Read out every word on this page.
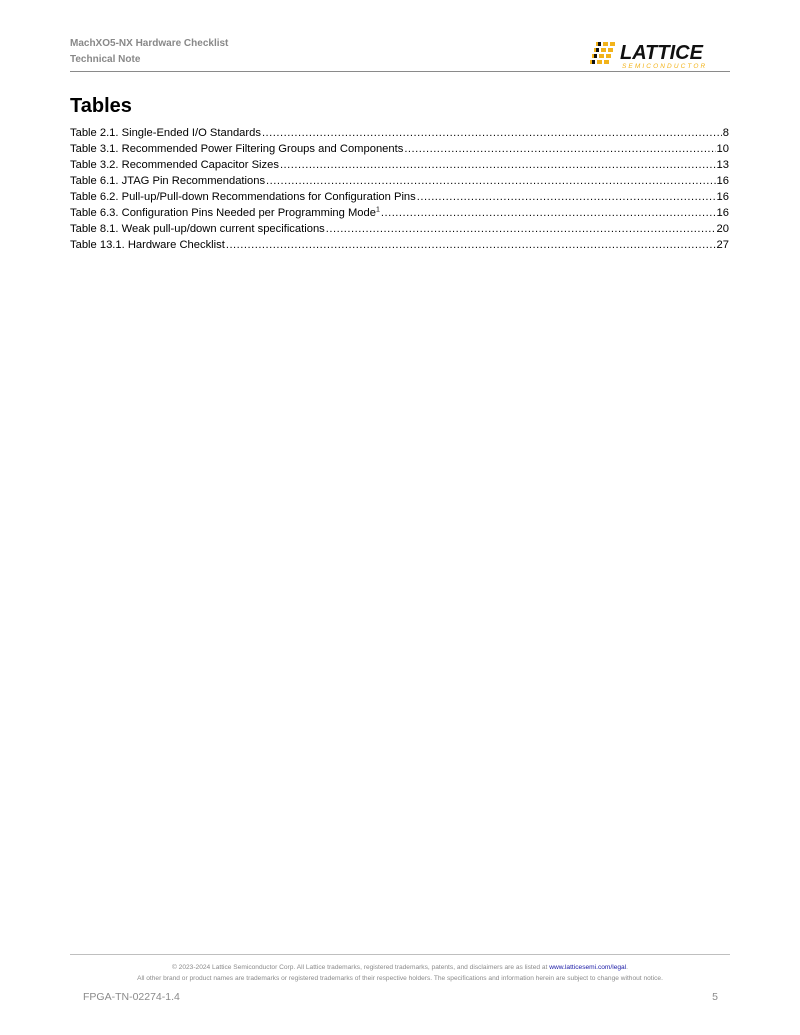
MachXO5-NX Hardware Checklist
Technical Note	LATTICE
SEMICONDUCTOR
Tables
Table 2.1. Single-Ended I/O Standards .....	8
Table 3.1. Recommended Power Filtering Groups and Components .....	10
Table 3.2. Recommended Capacitor Sizes .....	13
Table 6.1. JTAG Pin Recommendations .....	16
Table 6.2. Pull-up/Pull-down Recommendations for Configuration Pins .....	16
Table 6.3. Configuration Pins Needed per Programming Mode$^1$ .....	16
Table 8.1. Weak pull-up/down current specifications .....	20
Table 13.1. Hardware Checklist .....	27
© 2023-2024 Lattice Semiconductor Corp. All Lattice trademarks, registered trademarks, patents, and disclaimers are as listed at www.latticesemi.com/legal.
All other brand or product names are trademarks or registered trademarks of their respective holders. The specifications and information herein are subject to change without notice.
FPGA-TN-02274-1.4	5
